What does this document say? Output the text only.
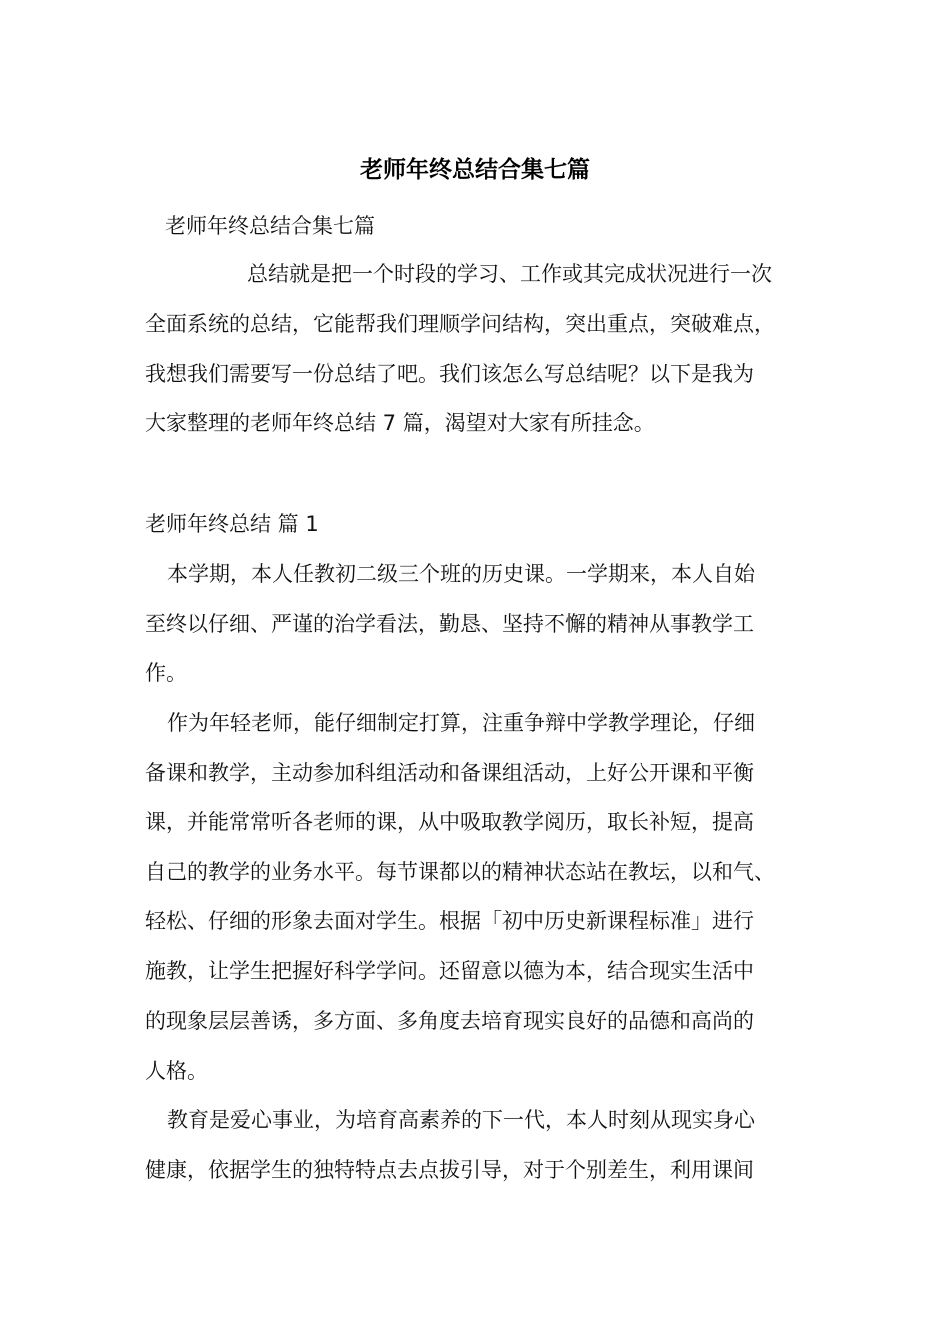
老师年终总结合集七篇
老师年终总结合集七篇
总结就是把一个时段的学习、工作或其完成状况进行一次
全面系统的总结，它能帮我们理顺学问结构，突出重点，突破难点，
我想我们需要写一份总结了吧。我们该怎么写总结呢？以下是我为
大家整理的老师年终总结 7 篇，渴望对大家有所挂念。
老师年终总结 篇 1
本学期，本人任教初二级三个班的历史课。一学期来，本人自始
至终以仔细、严谨的治学看法，勤恳、坚持不懈的精神从事教学工
作。
作为年轻老师，能仔细制定打算，注重争辩中学教学理论，仔细
备课和教学，主动参加科组活动和备课组活动，上好公开课和平衡
课，并能常常听各老师的课，从中吸取教学阅历，取长补短，提高
自己的教学的业务水平。每节课都以的精神状态站在教坛，以和气、
轻松、仔细的形象去面对学生。根据「初中历史新课程标准」进行
施教，让学生把握好科学学问。还留意以德为本，结合现实生活中
的现象层层善诱，多方面、多角度去培育现实良好的品德和高尚的
人格。
教育是爱心事业，为培育高素养的下一代，本人时刻从现实身心
健康，依据学生的独特特点去点拔引导，对于个别差生，利用课间
